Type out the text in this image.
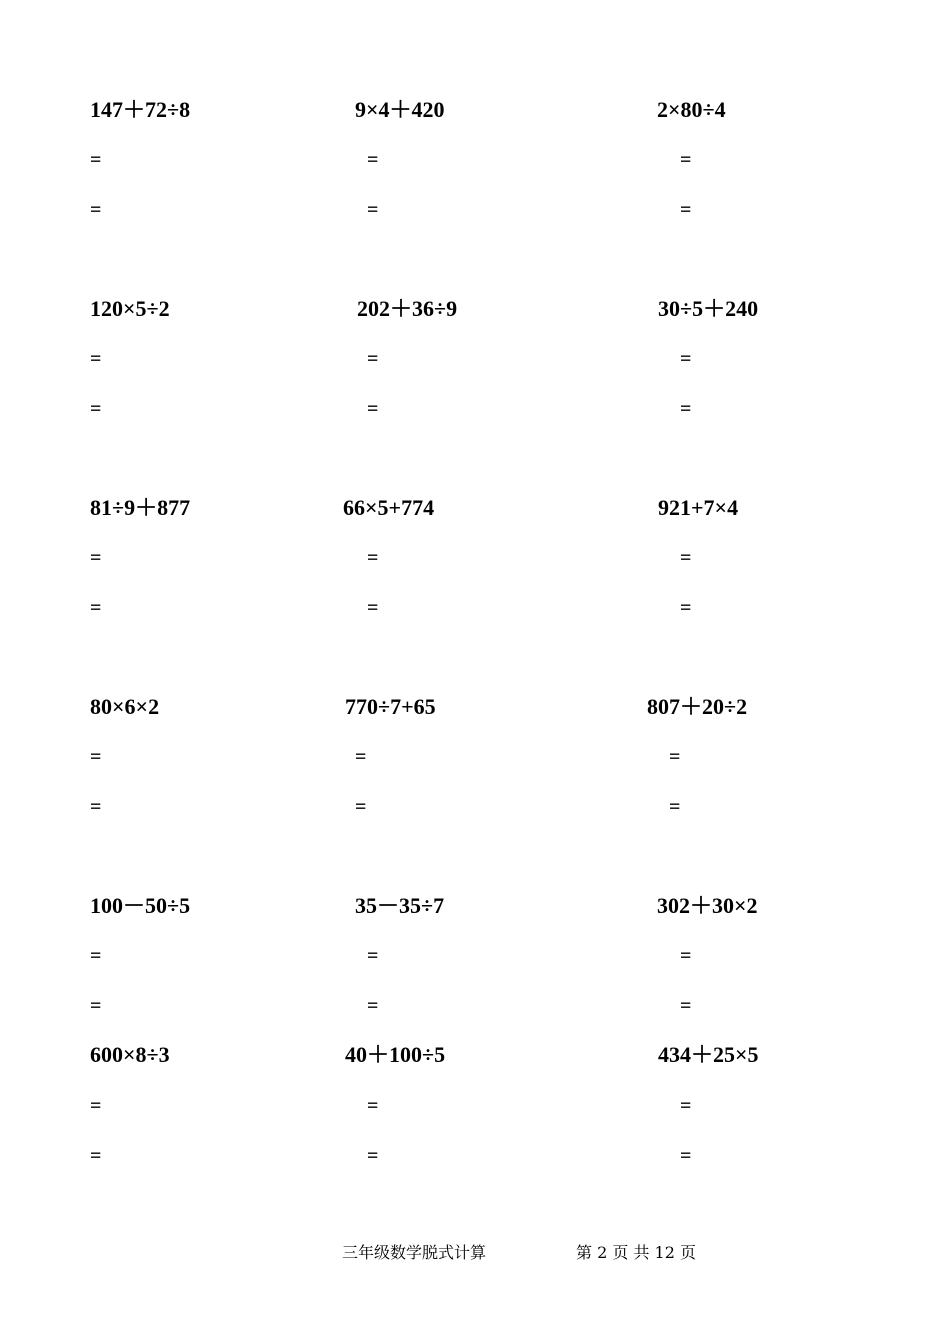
147＋72÷8
=
=
9×4＋420
=
=
2×80÷4
=
=
120×5÷2
=
=
202＋36÷9
=
=
30÷5＋240
=
=
81÷9＋877
=
=
66×5+774
=
=
921+7×4
=
=
80×6×2
=
=
770÷7+65
=
=
807＋20÷2
=
=
100－50÷5
=
=
35－35÷7
=
=
302＋30×2
=
=
600×8÷3
=
=
40＋100÷5
=
=
434＋25×5
=
=
三年级数学脱式计算	第 2 页 共 12 页
